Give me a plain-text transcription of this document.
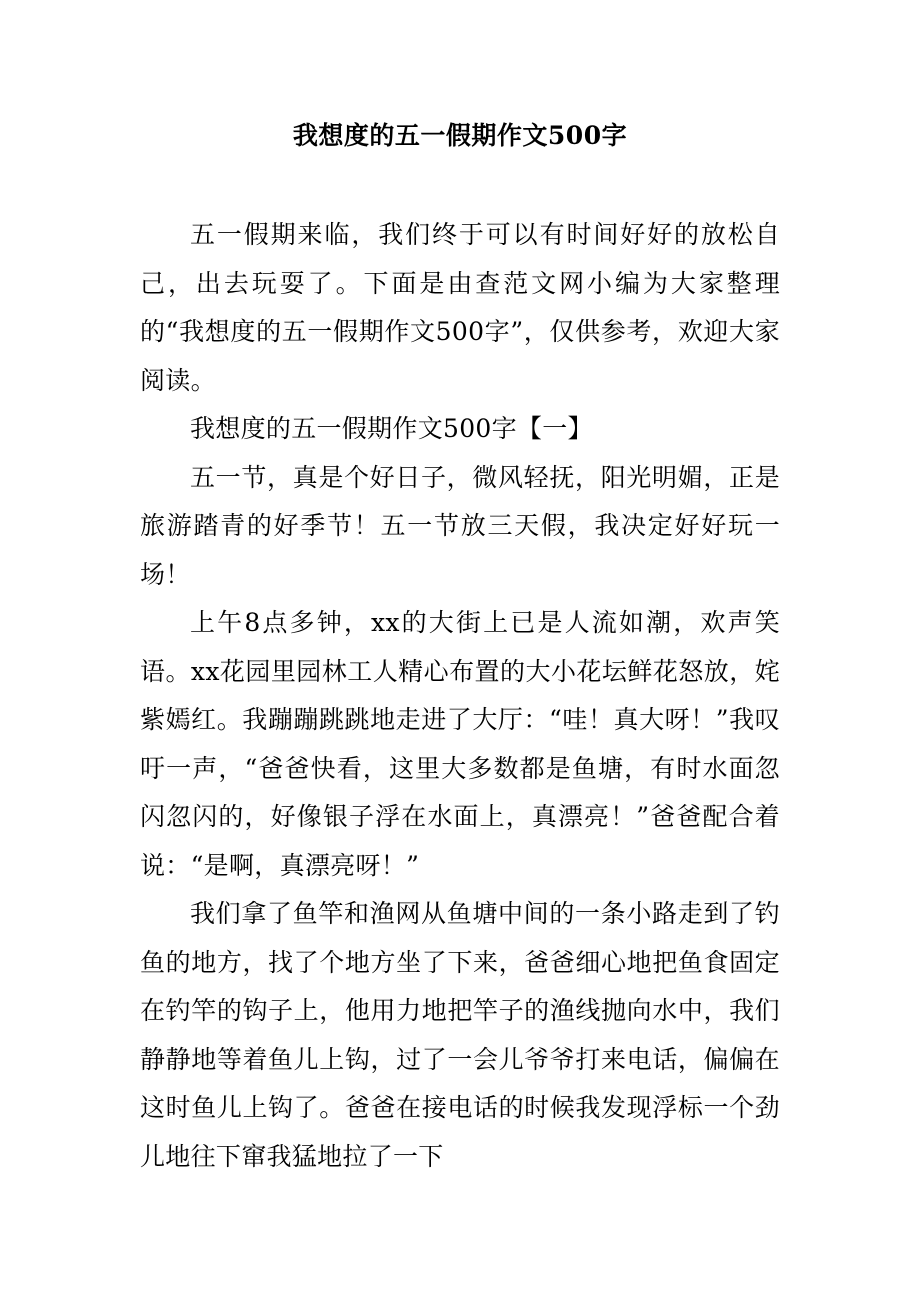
我想度的五一假期作文500字

五一假期来临，我们终于可以有时间好好的放松自己，出去玩耍了。下面是由查范文网小编为大家整理的“我想度的五一假期作文500字”，仅供参考，欢迎大家阅读。

我想度的五一假期作文500字【一】

五一节，真是个好日子，微风轻抚，阳光明媚，正是旅游踏青的好季节！五一节放三天假，我决定好好玩一场！

上午8点多钟，xx的大街上已是人流如潮，欢声笑语。xx花园里园林工人精心布置的大小花坛鲜花怒放，姹紫嫣红。我蹦蹦跳跳地走进了大厅：“哇！真大呀！”我叹吁一声，“爸爸快看，这里大多数都是鱼塘，有时水面忽闪忽闪的，好像银子浮在水面上，真漂亮！”爸爸配合着说：“是啊，真漂亮呀！”

我们拿了鱼竿和渔网从鱼塘中间的一条小路走到了钓鱼的地方，找了个地方坐了下来，爸爸细心地把鱼食固定在钓竿的钩子上，他用力地把竿子的渔线抛向水中，我们静静地等着鱼儿上钩，过了一会儿爷爷打来电话，偏偏在这时鱼儿上钩了。爸爸在接电话的时候我发现浮标一个劲儿地往下窜我猛地拉了一下
